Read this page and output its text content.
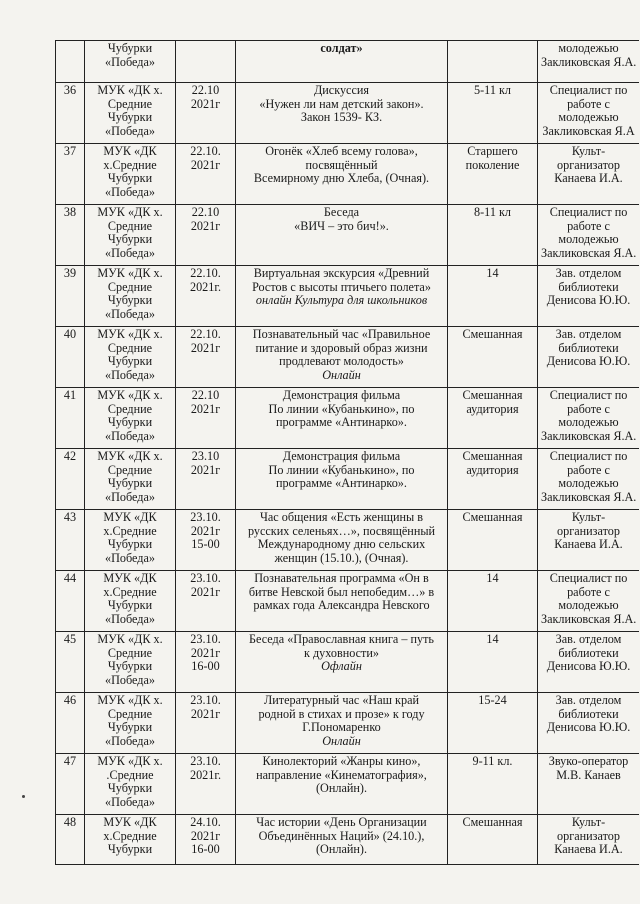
	Чубурки
«Победа»		солдат»		молодежью
Закликовская Я.А.

36	МУК «ДК х.
Средние
Чубурки
«Победа»	22.10
2021г	Дискуссия
«Нужен ли нам детский закон».
Закон 1539- КЗ.	5-11 кл	Специалист по
работе с
молодежью
Закликовская Я.А

37	МУК «ДК
х.Средние
Чубурки
«Победа»	22.10.
2021г	Огонёк «Хлеб всему голова»,
посвящённый
Всемирному дню Хлеба, (Очная).	Старшего
поколение	Культ-
организатор
Канаева И.А.

38	МУК «ДК х.
Средние
Чубурки
«Победа»	22.10
2021г	Беседа
«ВИЧ – это бич!».	8-11 кл	Специалист по
работе с
молодежью
Закликовская Я.А.

39	МУК «ДК х.
Средние
Чубурки
«Победа»	22.10.
2021г.	Виртуальная экскурсия «Древний
Ростов с высоты птичьего полета»
онлайн Культура для школьников	14	Зав. отделом
библиотеки
Денисова Ю.Ю.

40	МУК «ДК х.
Средние
Чубурки
«Победа»	22.10.
2021г	Познавательный час «Правильное
питание и здоровый образ жизни
продлевают молодость»
Онлайн	Смешанная	Зав. отделом
библиотеки
Денисова Ю.Ю.

41	МУК «ДК х.
Средние
Чубурки
«Победа»	22.10
2021г	Демонстрация фильма
По линии «Кубанькино», по
программе «Антинарко».	Смешанная
аудитория	Специалист по
работе с
молодежью
Закликовская Я.А.

42	МУК «ДК х.
Средние
Чубурки
«Победа»	23.10
2021г	Демонстрация фильма
По линии «Кубанькино», по
программе «Антинарко».	Смешанная
аудитория	Специалист по
работе с
молодежью
Закликовская Я.А.

43	МУК «ДК
х.Средние
Чубурки
«Победа»	23.10.
2021г
15-00	Час общения «Есть женщины в
русских селеньях…», посвящённый
Международному дню сельских
женщин (15.10.), (Очная).	Смешанная	Культ-
организатор
Канаева И.А.

44	МУК «ДК
х.Средние
Чубурки
«Победа»	23.10.
2021г	Познавательная программа «Он в
битве Невской был непобедим…» в
рамках года Александра Невского	14	Специалист по
работе с
молодежью
Закликовская Я.А.

45	МУК «ДК х.
Средние
Чубурки
«Победа»	23.10.
2021г
16-00	Беседа «Православная книга – путь
к духовности»
Офлайн	14	Зав. отделом
библиотеки
Денисова Ю.Ю.

46	МУК «ДК х.
Средние
Чубурки
«Победа»	23.10.
2021г	Литературный час «Наш край
родной в стихах и прозе» к году
Г.Пономаренко
Онлайн	15-24	Зав. отделом
библиотеки
Денисова Ю.Ю.

47	МУК «ДК х.
.Средние
Чубурки
«Победа»	23.10.
2021г.	Кинолекторий «Жанры кино»,
направление «Кинематография»,
(Онлайн).	9-11 кл.	Звуко-оператор
М.В. Канаев

48	МУК «ДК
х.Средние
Чубурки	24.10.
2021г
16-00	Час истории «День Организации
Объединённых Наций» (24.10.),
(Онлайн).	Смешанная	Культ-
организатор
Канаева И.А.
